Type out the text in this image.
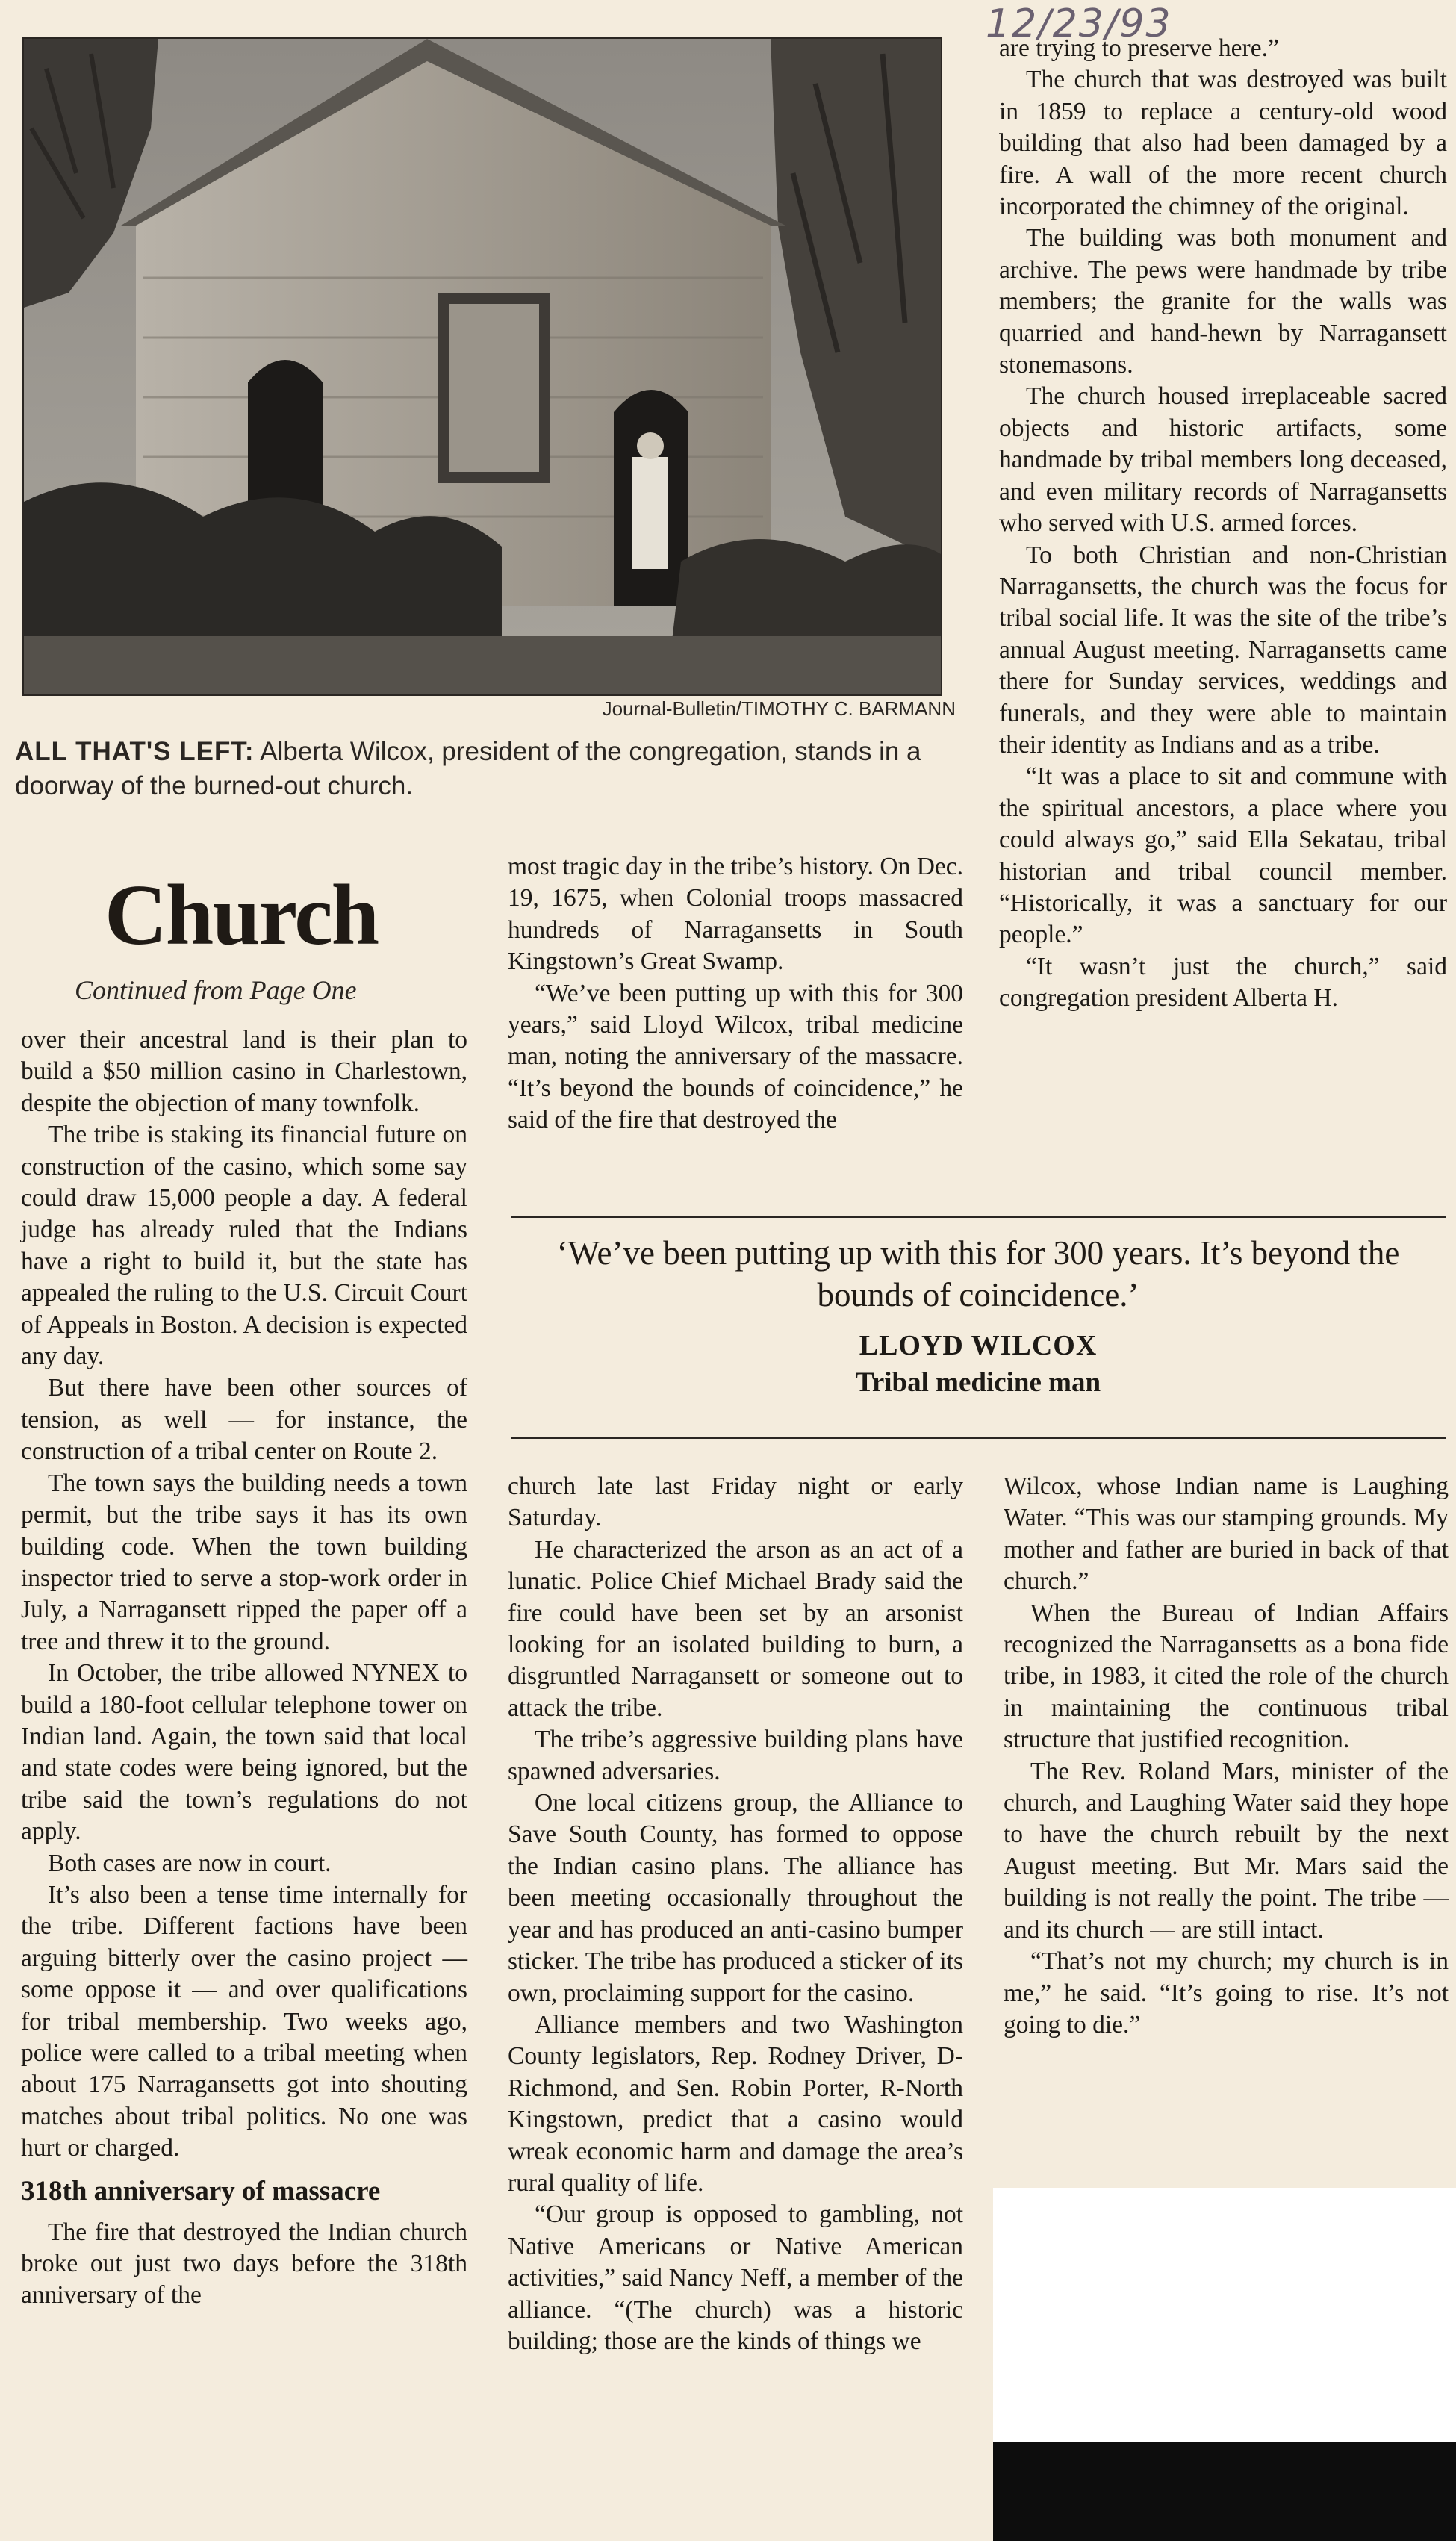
12/23/93
Journal-Bulletin/TIMOTHY C. BARMANN
ALL THAT'S LEFT: Alberta Wilcox, president of the congregation, stands in a doorway of the burned-out church.
Church
Continued from Page One

over their ancestral land is their plan to build a $50 million casino in Charlestown, despite the objection of many townfolk.

The tribe is staking its financial future on construction of the casino, which some say could draw 15,000 people a day. A federal judge has already ruled that the Indians have a right to build it, but the state has appealed the ruling to the U.S. Circuit Court of Appeals in Boston. A decision is expected any day.

But there have been other sources of tension, as well — for instance, the construction of a tribal center on Route 2.

The town says the building needs a town permit, but the tribe says it has its own building code. When the town building inspector tried to serve a stop-work order in July, a Narragansett ripped the paper off a tree and threw it to the ground.

In October, the tribe allowed NYNEX to build a 180-foot cellular telephone tower on Indian land. Again, the town said that local and state codes were being ignored, but the tribe said the town’s regulations do not apply.

Both cases are now in court.

It’s also been a tense time internally for the tribe. Different factions have been arguing bitterly over the casino project — some oppose it — and over qualifications for tribal membership. Two weeks ago, police were called to a tribal meeting when about 175 Narragansetts got into shouting matches about tribal politics. No one was hurt or charged.

318th anniversary of massacre

The fire that destroyed the Indian church broke out just two days before the 318th anniversary of the

most tragic day in the tribe’s history. On Dec. 19, 1675, when Colonial troops massacred hundreds of Narragansetts in South Kingstown’s Great Swamp.

“We’ve been putting up with this for 300 years,” said Lloyd Wilcox, tribal medicine man, noting the anniversary of the massacre. “It’s beyond the bounds of coincidence,” he said of the fire that destroyed the

are trying to preserve here.”

The church that was destroyed was built in 1859 to replace a century-old wood building that also had been damaged by a fire. A wall of the more recent church incorporated the chimney of the original.

The building was both monument and archive. The pews were handmade by tribe members; the granite for the walls was quarried and hand-hewn by Narragansett stonemasons.

The church housed irreplaceable sacred objects and historic artifacts, some handmade by tribal members long deceased, and even military records of Narragansetts who served with U.S. armed forces.

To both Christian and non-Christian Narragansetts, the church was the focus for tribal social life. It was the site of the tribe’s annual August meeting. Narragansetts came there for Sunday services, weddings and funerals, and they were able to maintain their identity as Indians and as a tribe.

“It was a place to sit and commune with the spiritual ancestors, a place where you could always go,” said Ella Sekatau, tribal historian and tribal council member. “Historically, it was a sanctuary for our people.”

“It wasn’t just the church,” said congregation president Alberta H.

‘We’ve been putting up with this for 300 years. It’s beyond the bounds of coincidence.’
LLOYD WILCOX
Tribal medicine man

church late last Friday night or early Saturday.

He characterized the arson as an act of a lunatic. Police Chief Michael Brady said the fire could have been set by an arsonist looking for an isolated building to burn, a disgruntled Narragansett or someone out to attack the tribe.

The tribe’s aggressive building plans have spawned adversaries.

One local citizens group, the Alliance to Save South County, has formed to oppose the Indian casino plans. The alliance has been meeting occasionally throughout the year and has produced an anti-casino bumper sticker. The tribe has produced a sticker of its own, proclaiming support for the casino.

Alliance members and two Washington County legislators, Rep. Rodney Driver, D-Richmond, and Sen. Robin Porter, R-North Kingstown, predict that a casino would wreak economic harm and damage the area’s rural quality of life.

“Our group is opposed to gambling, not Native Americans or Native American activities,” said Nancy Neff, a member of the alliance. “(The church) was a historic building; those are the kinds of things we

Wilcox, whose Indian name is Laughing Water. “This was our stamping grounds. My mother and father are buried in back of that church.”

When the Bureau of Indian Affairs recognized the Narragansetts as a bona fide tribe, in 1983, it cited the role of the church in maintaining the continuous tribal structure that justified recognition.

The Rev. Roland Mars, minister of the church, and Laughing Water said they hope to have the church rebuilt by the next August meeting. But Mr. Mars said the building is not really the point. The tribe — and its church — are still intact.

“That’s not my church; my church is in me,” he said. “It’s going to rise. It’s not going to die.”
